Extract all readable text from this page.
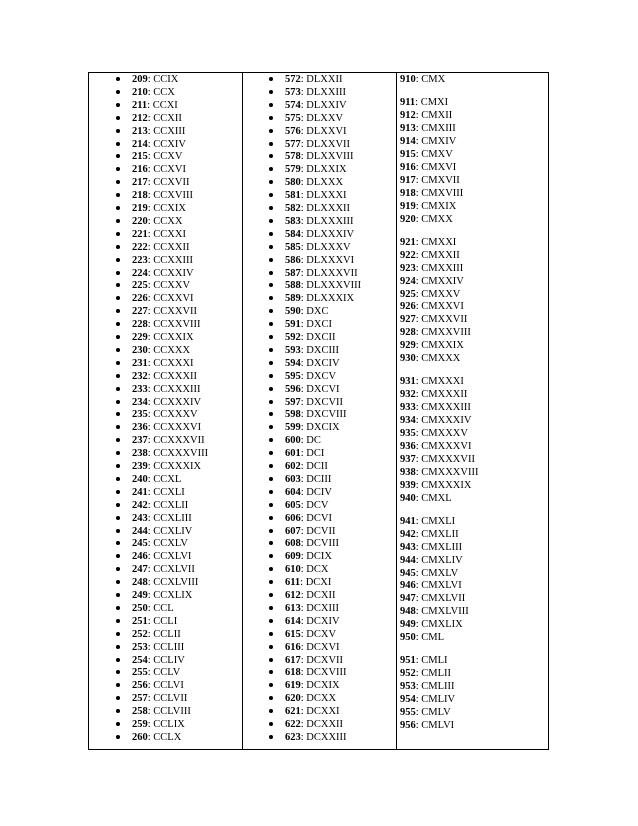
209: CCIX
210: CCX
211: CCXI
212: CCXII
213: CCXIII
214: CCXIV
215: CCXV
216: CCXVI
217: CCXVII
218: CCXVIII
219: CCXIX
220: CCXX
221: CCXXI
222: CCXXII
223: CCXXIII
224: CCXXIV
225: CCXXV
226: CCXXVI
227: CCXXVII
228: CCXXVIII
229: CCXXIX
230: CCXXX
231: CCXXXI
232: CCXXXII
233: CCXXXIII
234: CCXXXIV
235: CCXXXV
236: CCXXXVI
237: CCXXXVII
238: CCXXXVIII
239: CCXXXIX
240: CCXL
241: CCXLI
242: CCXLII
243: CCXLIII
244: CCXLIV
245: CCXLV
246: CCXLVI
247: CCXLVII
248: CCXLVIII
249: CCXLIX
250: CCL
251: CCLI
252: CCLII
253: CCLIII
254: CCLIV
255: CCLV
256: CCLVI
257: CCLVII
258: CCLVIII
259: CCLIX
260: CCLX
572: DLXXII
573: DLXXIII
574: DLXXIV
575: DLXXV
576: DLXXVI
577: DLXXVII
578: DLXXVIII
579: DLXXIX
580: DLXXX
581: DLXXXI
582: DLXXXII
583: DLXXXIII
584: DLXXXIV
585: DLXXXV
586: DLXXXVI
587: DLXXXVII
588: DLXXXVIII
589: DLXXXIX
590: DXC
591: DXCI
592: DXCII
593: DXCIII
594: DXCIV
595: DXCV
596: DXCVI
597: DXCVII
598: DXCVIII
599: DXCIX
600: DC
601: DCI
602: DCII
603: DCIII
604: DCIV
605: DCV
606: DCVI
607: DCVII
608: DCVIII
609: DCIX
610: DCX
611: DCXI
612: DCXII
613: DCXIII
614: DCXIV
615: DCXV
616: DCXVI
617: DCXVII
618: DCXVIII
619: DCXIX
620: DCXX
621: DCXXI
622: DCXXII
623: DCXXIII
910: CMX
911: CMXI
912: CMXII
913: CMXIII
914: CMXIV
915: CMXV
916: CMXVI
917: CMXVII
918: CMXVIII
919: CMXIX
920: CMXX
921: CMXXI
922: CMXXII
923: CMXXIII
924: CMXXIV
925: CMXXV
926: CMXXVI
927: CMXXVII
928: CMXXVIII
929: CMXXIX
930: CMXXX
931: CMXXXI
932: CMXXXII
933: CMXXXIII
934: CMXXXIV
935: CMXXXV
936: CMXXXVI
937: CMXXXVII
938: CMXXXVIII
939: CMXXXIX
940: CMXL
941: CMXLI
942: CMXLII
943: CMXLIII
944: CMXLIV
945: CMXLV
946: CMXLVI
947: CMXLVII
948: CMXLVIII
949: CMXLIX
950: CML
951: CMLI
952: CMLII
953: CMLIII
954: CMLIV
955: CMLV
956: CMLVI
